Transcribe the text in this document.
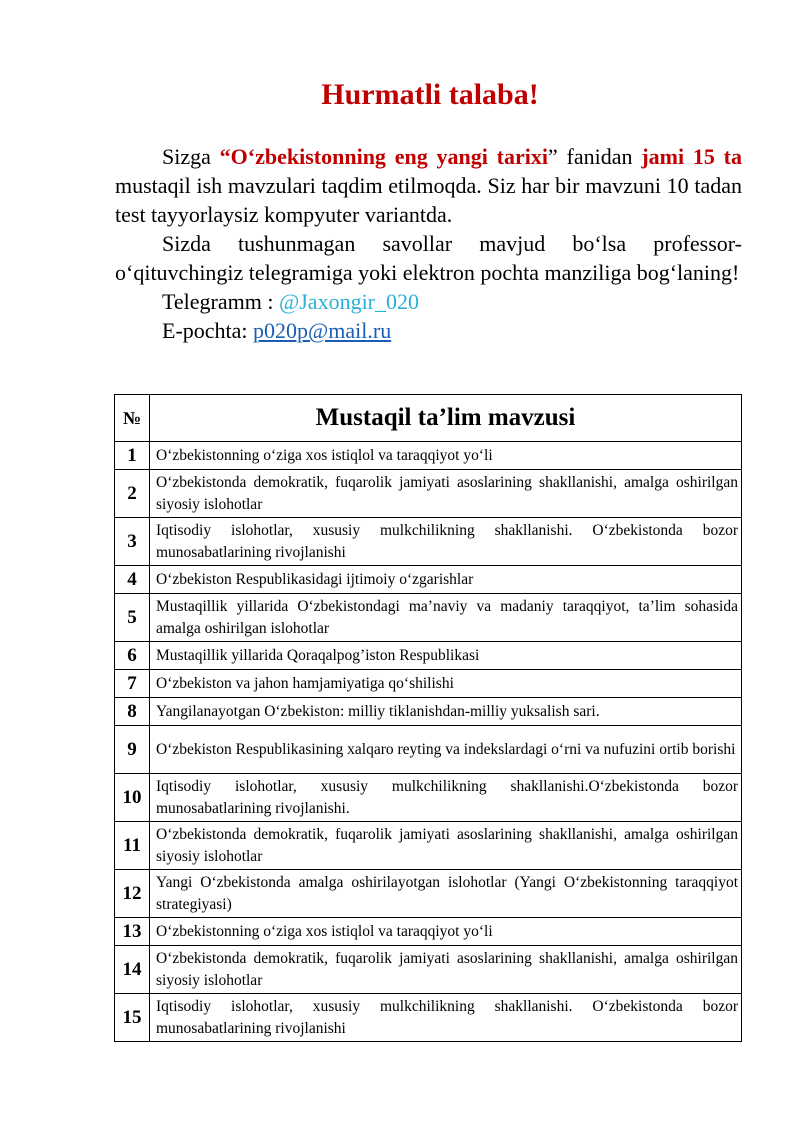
Hurmatli talaba!

Sizga “O‘zbekistonning eng yangi tarixi” fanidan jami 15 ta mustaqil ish mavzulari taqdim etilmoqda. Siz har bir mavzuni 10 tadan test tayyorlaysiz kompyuter variantda.

Sizda tushunmagan savollar mavjud bo‘lsa professor-o‘qituvchingiz telegramiga yoki elektron pochta manziliga bog‘laning!

Telegramm : @Jaxongir_020
E-pochta: p020p@mail.ru
№	Mustaqil ta’lim mavzusi
1	O‘zbekistonning o‘ziga xos istiqlol va taraqqiyot yo‘li
2	O‘zbekistonda demokratik, fuqarolik jamiyati asoslarining shakllanishi, amalga oshirilgan siyosiy islohotlar
3	Iqtisodiy islohotlar, xususiy mulkchilikning shakllanishi. O‘zbekistonda bozor munosabatlarining rivojlanishi
4	O‘zbekiston Respublikasidagi ijtimoiy o‘zgarishlar
5	Mustaqillik yillarida O‘zbekistondagi ma’naviy va madaniy taraqqiyot, ta’lim sohasida amalga oshirilgan islohotlar
6	Mustaqillik yillarida Qoraqalpog’iston Respublikasi
7	O‘zbekiston va jahon hamjamiyatiga qo‘shilishi
8	Yangilanayotgan O‘zbekiston: milliy tiklanishdan-milliy yuksalish sari.
9	O‘zbekiston Respublikasining xalqaro reyting va indekslardagi o‘rni va nufuzini ortib borishi
10	Iqtisodiy islohotlar, xususiy mulkchilikning shakllanishi.O‘zbekistonda bozor munosabatlarining rivojlanishi.
11	O‘zbekistonda demokratik, fuqarolik jamiyati asoslarining shakllanishi, amalga oshirilgan siyosiy islohotlar
12	Yangi O‘zbekistonda amalga oshirilayotgan islohotlar (Yangi O‘zbekistonning taraqqiyot strategiyasi)
13	O‘zbekistonning o‘ziga xos istiqlol va taraqqiyot yo‘li
14	O‘zbekistonda demokratik, fuqarolik jamiyati asoslarining shakllanishi, amalga oshirilgan siyosiy islohotlar
15	Iqtisodiy islohotlar, xususiy mulkchilikning shakllanishi. O‘zbekistonda bozor munosabatlarining rivojlanishi
